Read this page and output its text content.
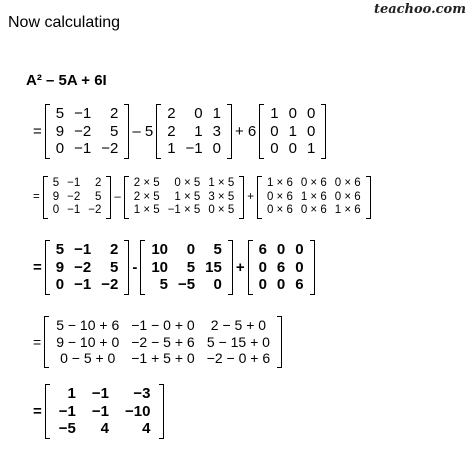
teachoo.com
Now calculating
A² – 5A + 6I
=
5	−1	2
9	−2	5
0	−1	−2
– 5
2	0	1
2	1	3
1	−1	0
+ 6
1	0	0
0	1	0
0	0	1
=
5	−1	2
9	−2	5
0	−1	−2
–
2 × 5	0 × 5	1 × 5
2 × 5	1 × 5	3 × 5
1 × 5	−1 × 5	0 × 5
+
1 × 6	0 × 6	0 × 6
0 × 6	1 × 6	0 × 6
0 × 6	0 × 6	1 × 6
=
5	−1	2
9	−2	5
0	−1	−2
-
10	0	5
10	5	15
5	−5	0
+
6	0	0
0	6	0
0	0	6
=
5 − 10 + 6	−1 − 0 + 0	2 − 5 + 0
9 − 10 + 0	−2 − 5 + 6	5 − 15 + 0
0 − 5 + 0	−1 + 5 + 0	−2 − 0 + 6
=
1	−1	−3
−1	−1	−10
−5	4	4
